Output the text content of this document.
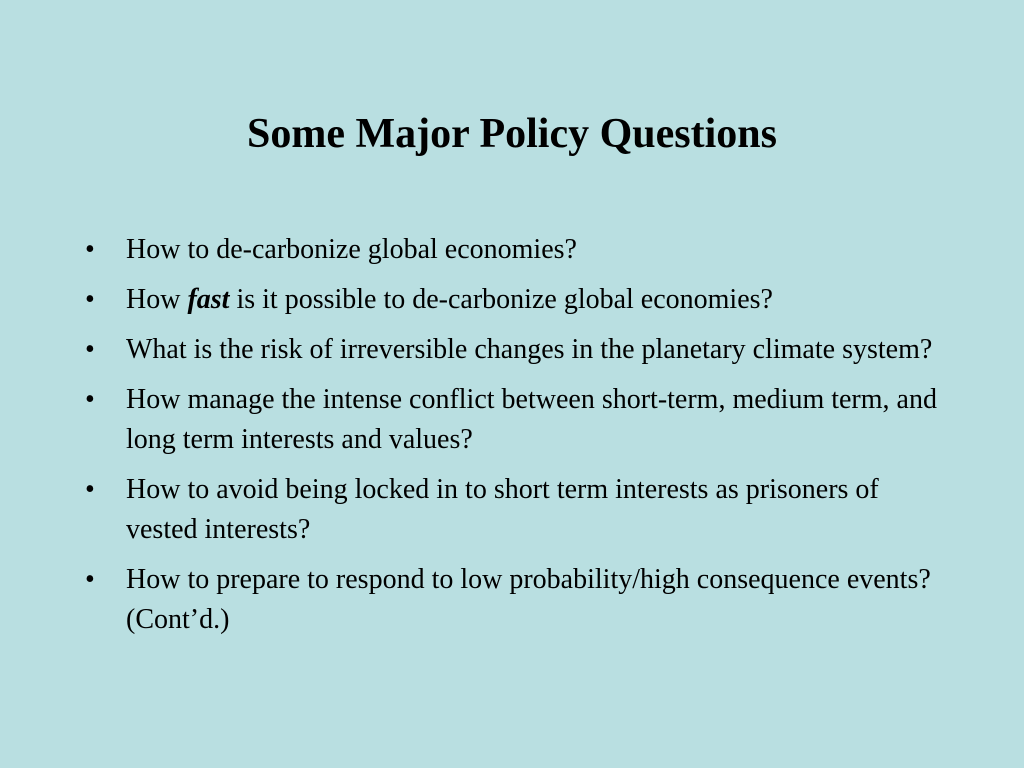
Some Major Policy Questions
•	How to de-carbonize global economies?
•	How fast is it possible to de-carbonize global economies?
•	What is the risk of irreversible changes in the planetary climate system?
•	How manage the intense conflict between short-term, medium term, and long term interests and values?
•	How to avoid being locked in to short term interests as prisoners of vested interests?
•	How to prepare to respond to low probability/high consequence events? (Cont’d.)
